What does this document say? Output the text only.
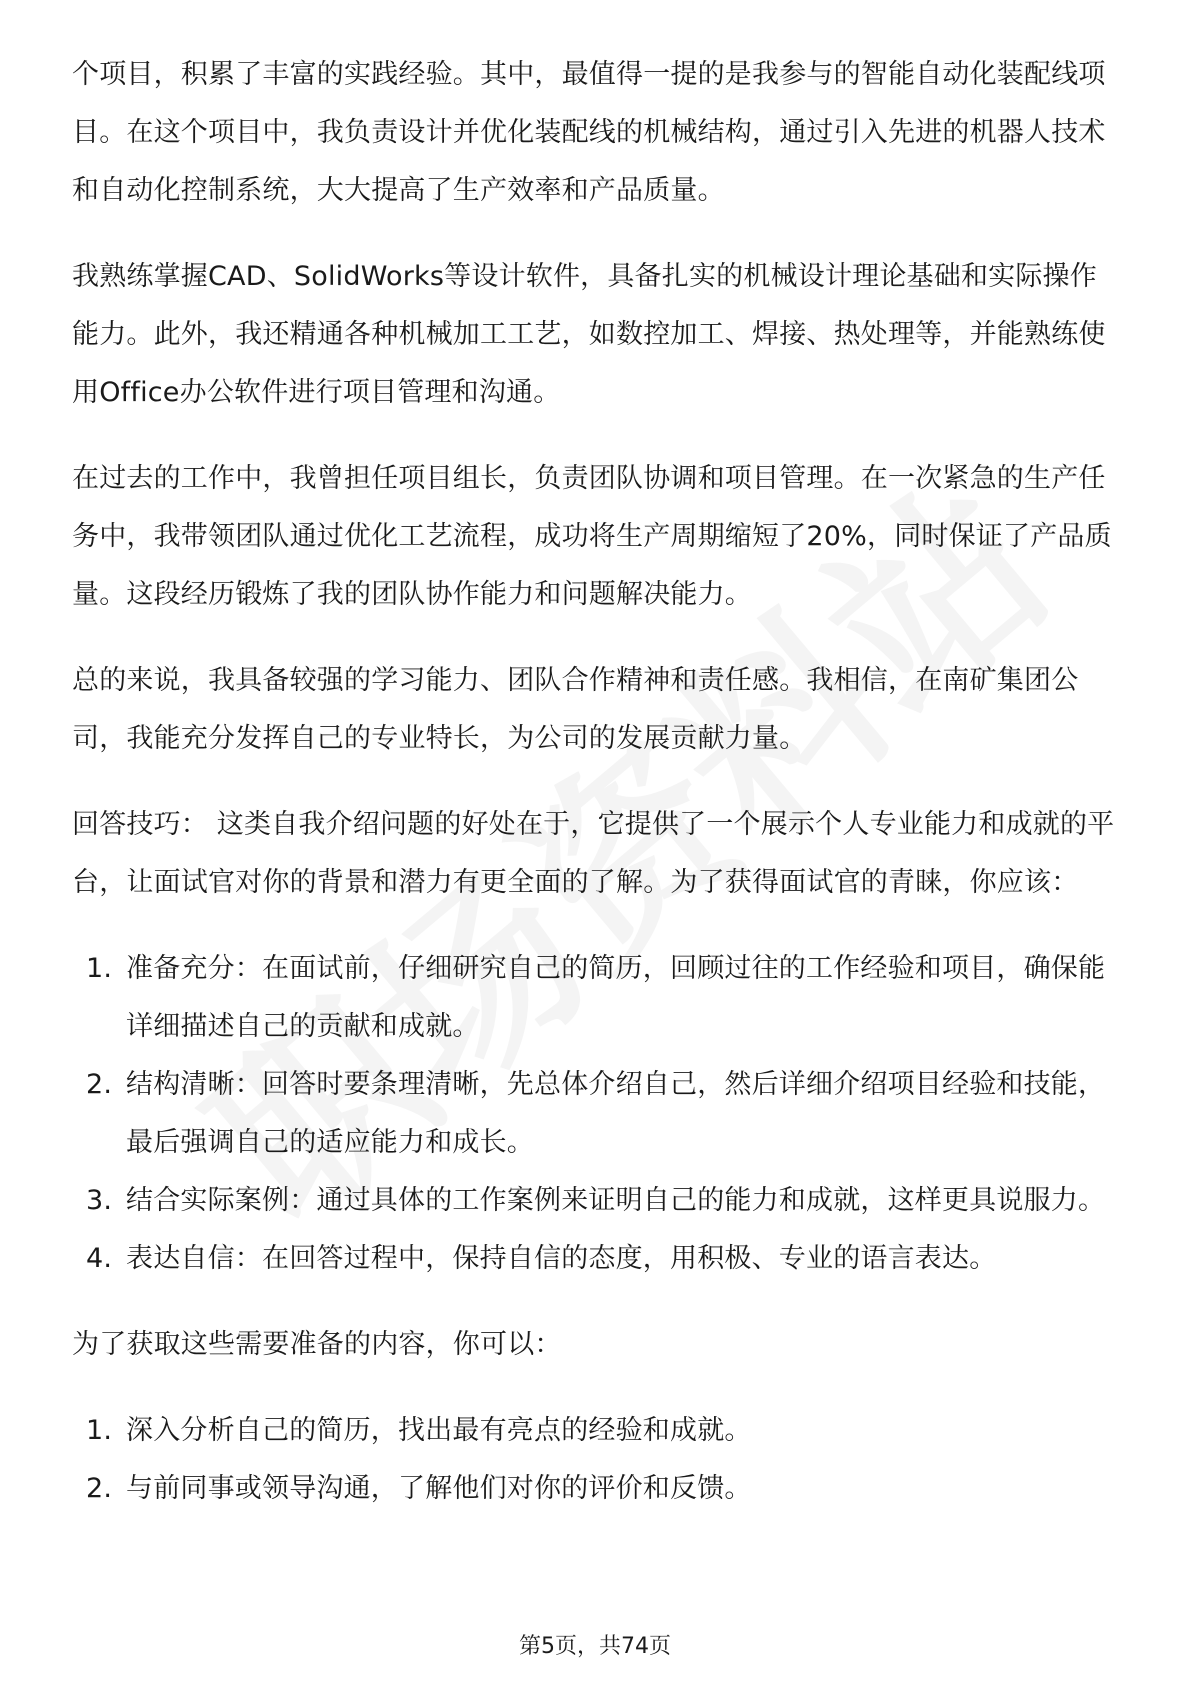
个项目，积累了丰富的实践经验。其中，最值得一提的是我参与的智能自动化装配线项目。在这个项目中，我负责设计并优化装配线的机械结构，通过引入先进的机器人技术和自动化控制系统，大大提高了生产效率和产品质量。

我熟练掌握CAD、SolidWorks等设计软件，具备扎实的机械设计理论基础和实际操作能力。此外，我还精通各种机械加工工艺，如数控加工、焊接、热处理等，并能熟练使用Office办公软件进行项目管理和沟通。

在过去的工作中，我曾担任项目组长，负责团队协调和项目管理。在一次紧急的生产任务中，我带领团队通过优化工艺流程，成功将生产周期缩短了20%，同时保证了产品质量。这段经历锻炼了我的团队协作能力和问题解决能力。

总的来说，我具备较强的学习能力、团队合作精神和责任感。我相信，在南矿集团公司，我能充分发挥自己的专业特长，为公司的发展贡献力量。

回答技巧： 这类自我介绍问题的好处在于，它提供了一个展示个人专业能力和成就的平台，让面试官对你的背景和潜力有更全面的了解。为了获得面试官的青睐，你应该：

1. 准备充分：在面试前，仔细研究自己的简历，回顾过往的工作经验和项目，确保能详细描述自己的贡献和成就。
2. 结构清晰：回答时要条理清晰，先总体介绍自己，然后详细介绍项目经验和技能，最后强调自己的适应能力和成长。
3. 结合实际案例：通过具体的工作案例来证明自己的能力和成就，这样更具说服力。
4. 表达自信：在回答过程中，保持自信的态度，用积极、专业的语言表达。

为了获取这些需要准备的内容，你可以：

1. 深入分析自己的简历，找出最有亮点的经验和成就。
2. 与前同事或领导沟通，了解他们对你的评价和反馈。
第5页，共74页
